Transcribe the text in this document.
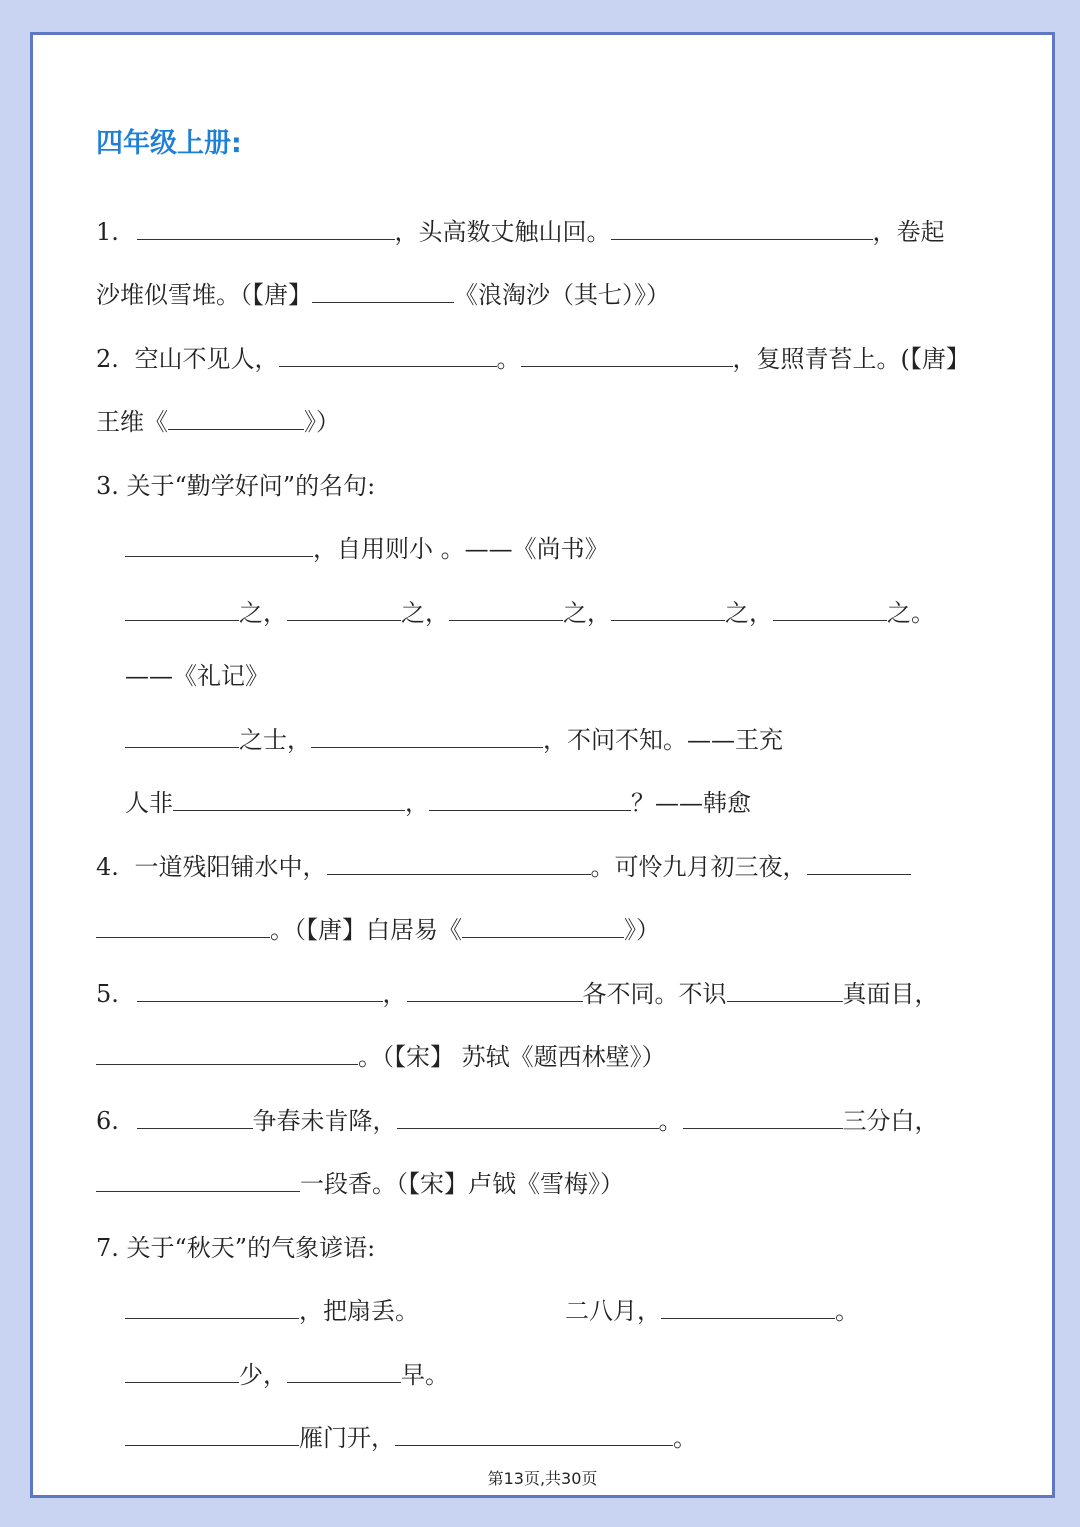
四年级上册:
1.	，头高数丈触山回。	，卷起
沙堆似雪堆。（【唐】	《浪淘沙（其七）》）
2. 空山不见人，	。	，复照青苔上。(【唐】
王维《	》）
3. 关于“勤学好问”的名句:
，自用则小 。——《尚书》
之，	之，	之，	之，	之。
——《礼记》
之士，	，不问不知。——王充
人非	，	？——韩愈
4. 一道残阳铺水中，	。可怜九月初三夜，
。（【唐】白居易《	》）
5.	，	各不同。不识	真面目，
。（【宋】 苏轼《题西林壁》）
6.	争春未肯降，	。	三分白，
一段香。（【宋】卢钺《雪梅》）
7. 关于“秋天”的气象谚语:
，把扇丢。	二八月，	。
少，	早。
雁门开，	。
第13页,共30页
